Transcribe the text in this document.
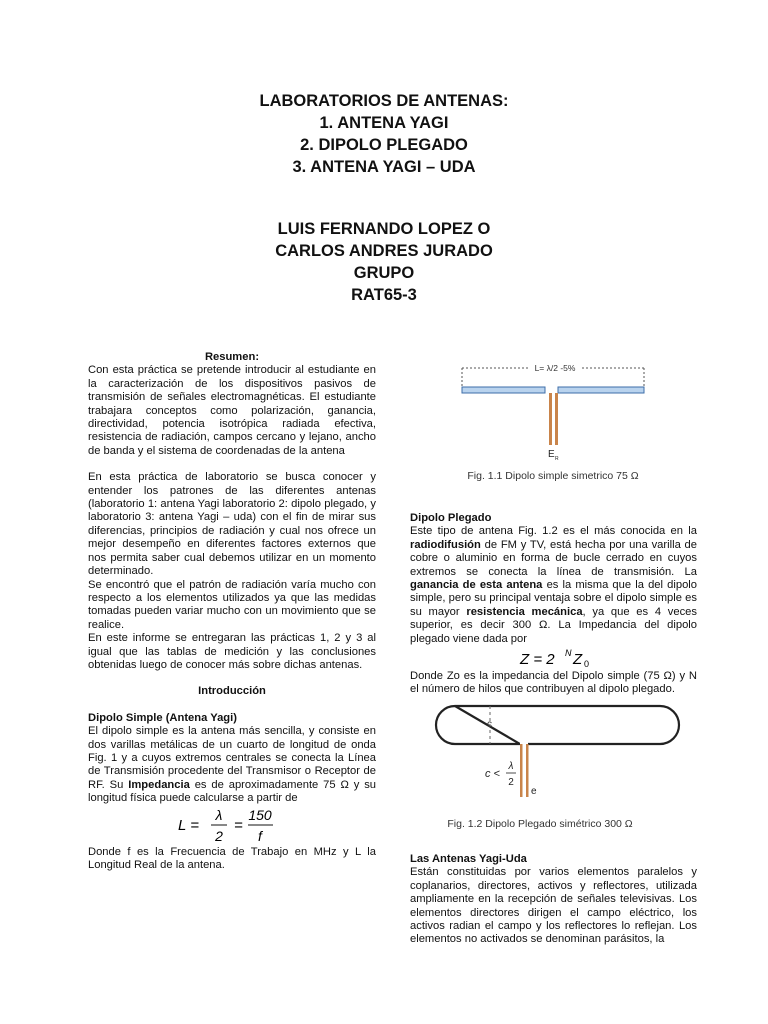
LABORATORIOS DE ANTENAS:
1. ANTENA YAGI
2. DIPOLO PLEGADO
3. ANTENA YAGI – UDA
LUIS FERNANDO LOPEZ O
CARLOS ANDRES JURADO
GRUPO
RAT65-3

Resumen:

Con esta práctica se pretende introducir al estudiante en la caracterización de los dispositivos pasivos de transmisión de señales electromagnéticas. El estudiante trabajara conceptos como polarización, ganancia, directividad, potencia isotrópica radiada efectiva, resistencia de radiación, campos cercano y lejano, ancho de banda y el sistema de coordenadas de la antena

En esta práctica de laboratorio se busca conocer y entender los patrones de las diferentes antenas (laboratorio 1: antena Yagi laboratorio 2: dipolo plegado, y laboratorio 3: antena Yagi – uda) con el fin de mirar sus diferencias, principios de radiación y cual nos ofrece un mejor desempeño en diferentes factores externos que nos permita saber cual debemos utilizar en un momento determinado.

Se encontró que el patrón de radiación varía mucho con respecto a los elementos utilizados ya que las medidas tomadas pueden variar mucho con un movimiento que se realice.

En este informe se entregaran las prácticas 1, 2 y 3 al igual que las tablas de medición y las conclusiones obtenidas luego de conocer más sobre dichas antenas.

Introducción

Dipolo Simple (Antena Yagi)

El dipolo simple es la antena más sencilla, y consiste en dos varillas metálicas de un cuarto de longitud de onda Fig. 1 y a cuyos extremos centrales se conecta la Línea de Transmisión procedente del Transmisor o Receptor de RF. Su Impedancia es de aproximadamente 75 Ω y su longitud física puede calcularse a partir de

L =
λ
2
=
150
f

Donde f es la Frecuencia de Trabajo en MHz y L la Longitud Real de la antena.

L= λ/2 -5%
E R
Fig. 1.1 Dipolo simple simetrico 75 Ω

Dipolo Plegado

Este tipo de antena Fig. 1.2 es el más conocida en la radiodifusión de FM y TV, está hecha por una varilla de cobre o aluminio en forma de bucle cerrado en cuyos extremos se conecta la línea de transmisión. La ganancia de esta antena es la misma que la del dipolo simple, pero su principal ventaja sobre el dipolo simple es su mayor resistencia mecánica, ya que es 4 veces superior, es decir 300 Ω. La Impedancia del dipolo plegado viene dada por

Z = 2 N Z 0

Donde Zo es la impedancia del Dipolo simple (75 Ω) y N el número de hilos que contribuyen al dipolo plegado.

c
c <
λ
2
e
Fig. 1.2 Dipolo Plegado simétrico 300 Ω

Las Antenas Yagi-Uda

Están constituidas por varios elementos paralelos y coplanarios, directores, activos y reflectores, utilizada ampliamente en la recepción de señales televisivas. Los elementos directores dirigen el campo eléctrico, los activos radian el campo y los reflectores lo reflejan. Los elementos no activados se denominan parásitos, la
